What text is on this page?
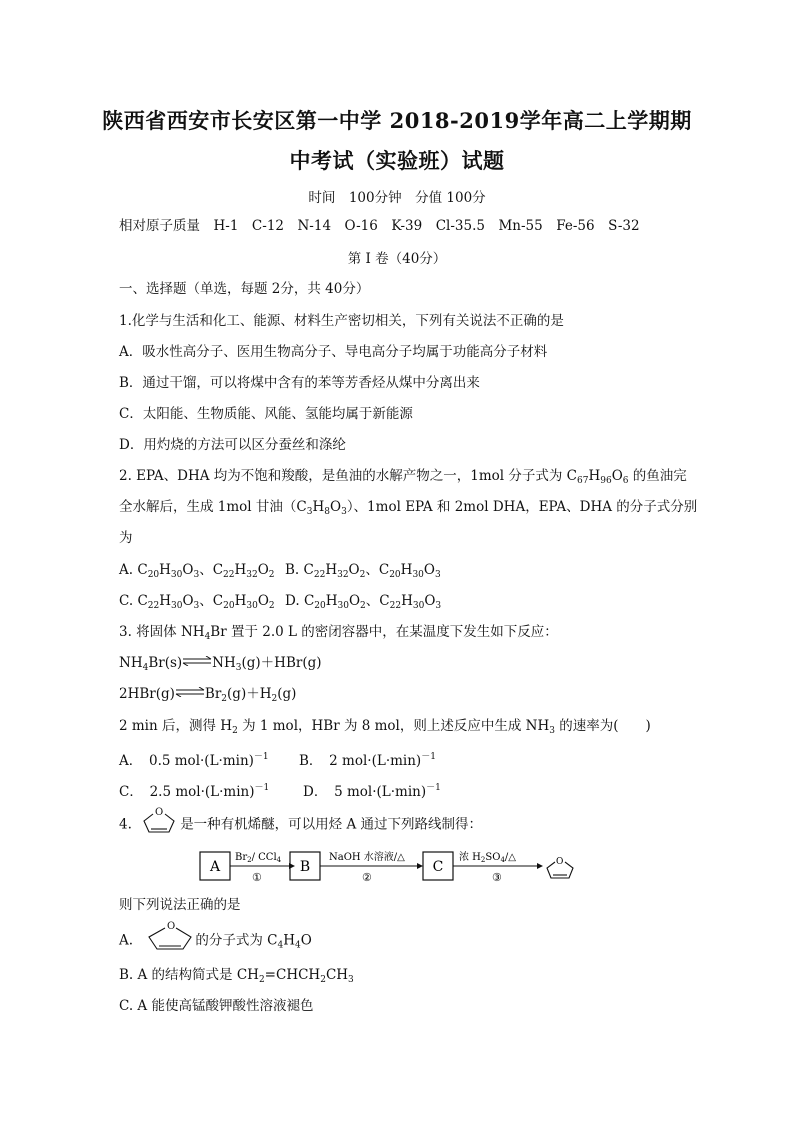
陕西省西安市长安区第一中学 2018-2019学年高二上学期期
中考试（实验班）试题
时间　100分钟　分值 100分
相对原子质量　H-1　C-12　N-14　O-16　K-39　Cl-35.5　Mn-55　Fe-56　S-32
第 I 卷（40分）
一、选择题（单选，每题 2分，共 40分）
1.化学与生活和化工、能源、材料生产密切相关，下列有关说法不正确的是
A．吸水性高分子、医用生物高分子、导电高分子均属于功能高分子材料
B．通过干馏，可以将煤中含有的苯等芳香烃从煤中分离出来
C．太阳能、生物质能、风能、氢能均属于新能源
D．用灼烧的方法可以区分蚕丝和涤纶
2. EPA、DHA 均为不饱和羧酸，是鱼油的水解产物之一，1mol 分子式为 $C_{67}H_{96}O_6$ 的鱼油完
全水解后，生成 1mol 甘油$(C_3H_8O_3)$、1mol EPA 和 2mol DHA，EPA、DHA 的分子式分别
为
A. $C_{20}H_{30}O_3$、$C_{22}H_{32}O_2$ B. $C_{22}H_{32}O_2$、$C_{20}H_{30}O_3$
C. $C_{22}H_{30}O_3$、$C_{20}H_{30}O_2$ D. $C_{20}H_{30}O_2$、$C_{22}H_{30}O_3$
3. 将固体 $NH_4Br$ 置于 2.0 L 的密闭容器中，在某温度下发生如下反应：
$NH_4Br(s)\rightleftharpoons NH_3(g)+HBr(g)$
$2HBr(g)\rightleftharpoons Br_2(g)+H_2(g)$
2 min 后，测得 $H_2$ 为 1 mol，HBr 为 8 mol，则上述反应中生成 $NH_3$ 的速率为(　　)
A．　0.5 $mol\cdot(L\cdot\min)^{-1}$ B．　2 $mol\cdot(L\cdot\min)^{-1}$
C．　2.5 $mol\cdot(L\cdot\min)^{-1}$	D．　5 $mol\cdot(L\cdot\min)^{-1}$
4.
O
是一种有机烯醚，可以用烃 A 通过下列路线制得：
A
$Br_2/$ CCl$_4$
①
B
NaOH 水溶液/△
②
C
浓 $H_2SO_4/\triangle$
③
O
则下列说法正确的是
A.
O
的分子式为 $C_4H_4O$
B. A 的结构简式是 $CH_2=CHCH_2CH_3$
C. A 能使高锰酸钾酸性溶液褪色
